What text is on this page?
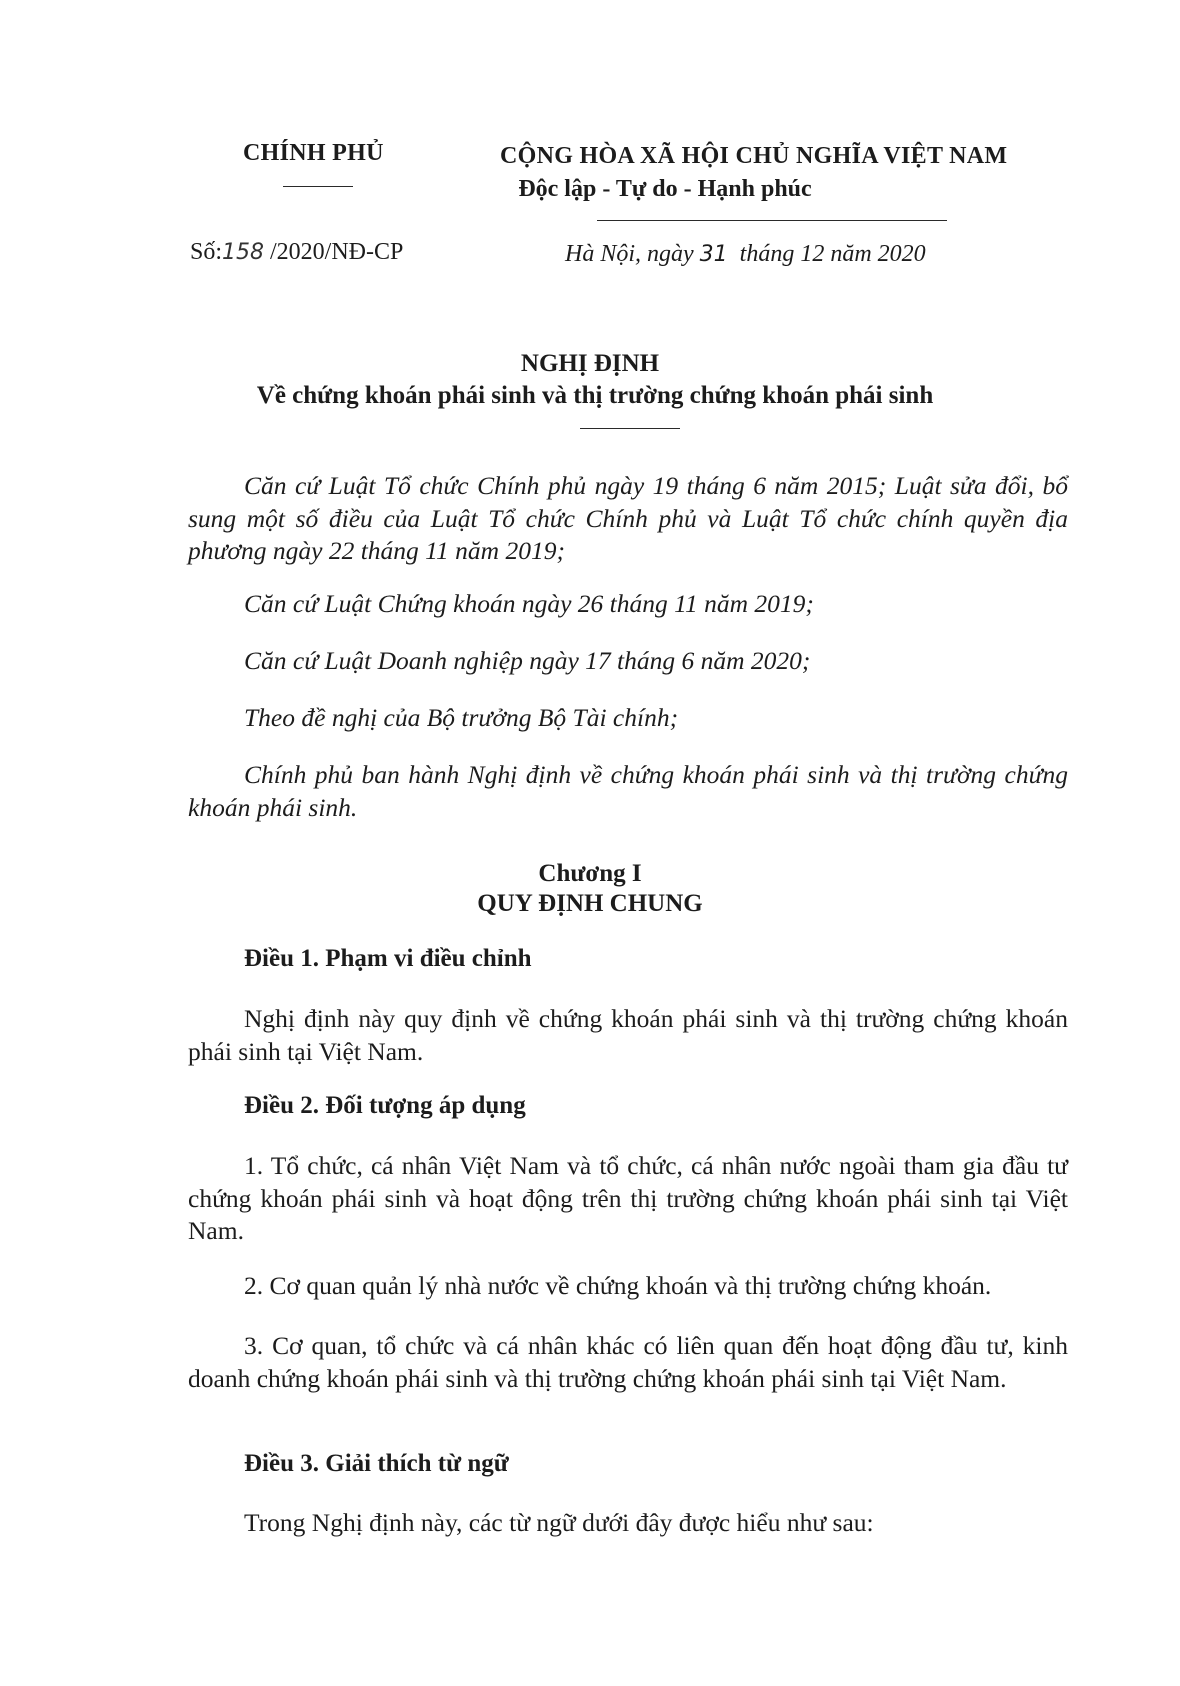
CHÍNH PHỦ	CỘNG HÒA XÃ HỘI CHỦ NGHĨA VIỆT NAM
Độc lập - Tự do - Hạnh phúc
Số:158 /2020/NĐ-CP	Hà Nội, ngày 31 tháng 12 năm 2020
NGHỊ ĐỊNH
Về chứng khoán phái sinh và thị trường chứng khoán phái sinh

Căn cứ Luật Tổ chức Chính phủ ngày 19 tháng 6 năm 2015; Luật sửa đổi, bổ sung một số điều của Luật Tổ chức Chính phủ và Luật Tổ chức chính quyền địa phương ngày 22 tháng 11 năm 2019;

Căn cứ Luật Chứng khoán ngày 26 tháng 11 năm 2019;

Căn cứ Luật Doanh nghiệp ngày 17 tháng 6 năm 2020;

Theo đề nghị của Bộ trưởng Bộ Tài chính;

Chính phủ ban hành Nghị định về chứng khoán phái sinh và thị trường chứng khoán phái sinh.

Chương I
QUY ĐỊNH CHUNG
Điều 1. Phạm vi điều chỉnh

Nghị định này quy định về chứng khoán phái sinh và thị trường chứng khoán phái sinh tại Việt Nam.

Điều 2. Đối tượng áp dụng

1. Tổ chức, cá nhân Việt Nam và tổ chức, cá nhân nước ngoài tham gia đầu tư chứng khoán phái sinh và hoạt động trên thị trường chứng khoán phái sinh tại Việt Nam.

2. Cơ quan quản lý nhà nước về chứng khoán và thị trường chứng khoán.

3. Cơ quan, tổ chức và cá nhân khác có liên quan đến hoạt động đầu tư, kinh doanh chứng khoán phái sinh và thị trường chứng khoán phái sinh tại Việt Nam.

Điều 3. Giải thích từ ngữ

Trong Nghị định này, các từ ngữ dưới đây được hiểu như sau:
